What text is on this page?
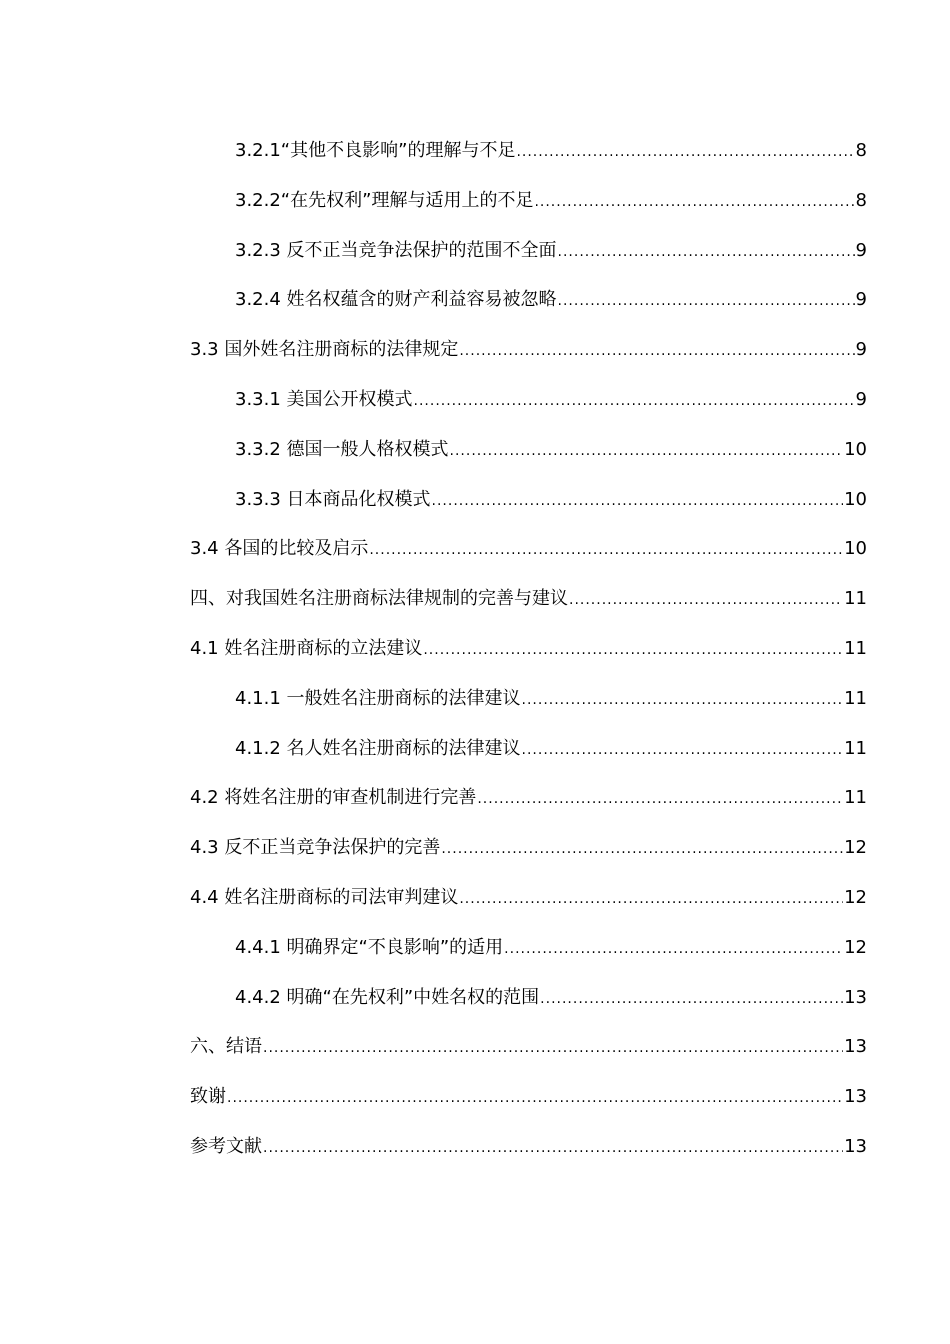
3.2.1“其他不良影响”的理解与不足 .....	8
3.2.2“在先权利”理解与适用上的不足 .....	8
3.2.3 反不正当竞争法保护的范围不全面 .....	9
3.2.4 姓名权蕴含的财产利益容易被忽略 .....	9
3.3 国外姓名注册商标的法律规定 .....	9
3.3.1 美国公开权模式 .....	9
3.3.2 德国一般人格权模式 .....	10
3.3.3 日本商品化权模式 .....	10
3.4 各国的比较及启示 .....	10
四、对我国姓名注册商标法律规制的完善与建议 .....	11
4.1 姓名注册商标的立法建议 .....	11
4.1.1 一般姓名注册商标的法律建议 .....	11
4.1.2 名人姓名注册商标的法律建议 .....	11
4.2 将姓名注册的审查机制进行完善 .....	11
4.3 反不正当竞争法保护的完善 .....	12
4.4 姓名注册商标的司法审判建议 .....	12
4.4.1 明确界定“不良影响”的适用 .....	12
4.4.2 明确“在先权利”中姓名权的范围 .....	13
六、结语 .....	13
致谢 .....	13
参考文献 .....	13
